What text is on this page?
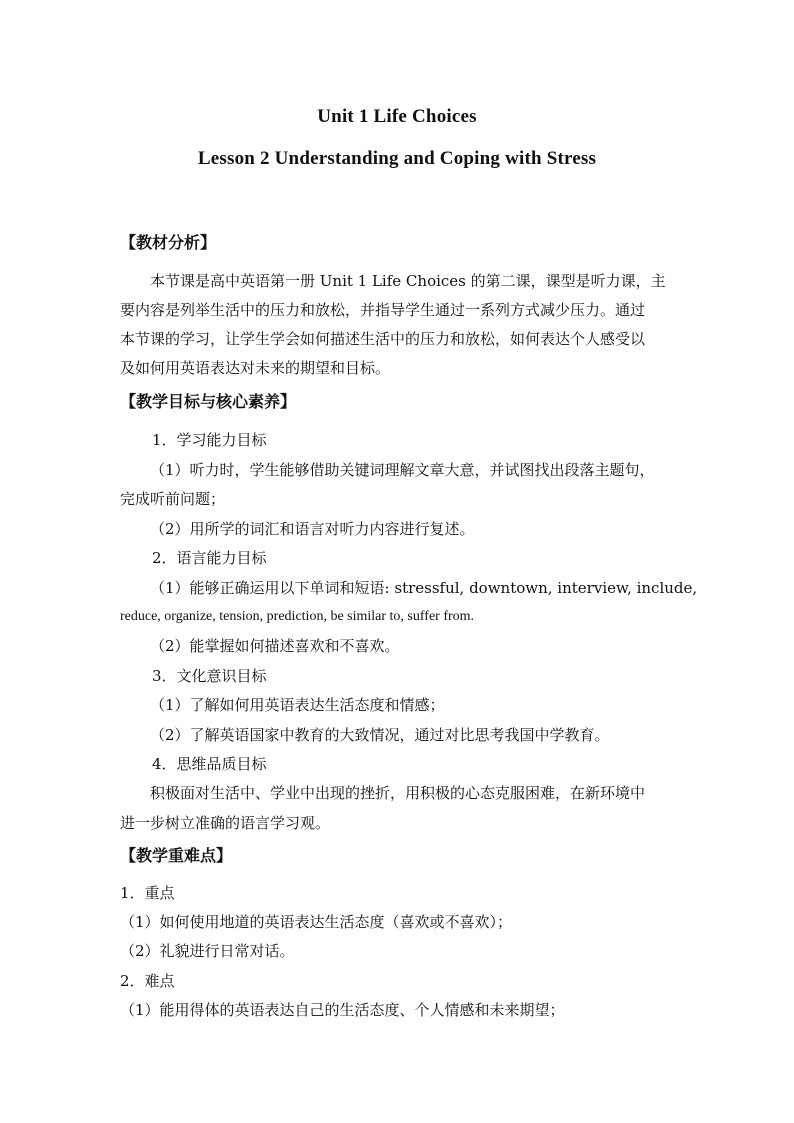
Unit 1 Life Choices
Lesson 2 Understanding and Coping with Stress
【教材分析】
本节课是高中英语第一册 Unit 1 Life Choices 的第二课，课型是听力课，主
要内容是列举生活中的压力和放松，并指导学生通过一系列方式减少压力。通过
本节课的学习，让学生学会如何描述生活中的压力和放松，如何表达个人感受以
及如何用英语表达对未来的期望和目标。
【教学目标与核心素养】
1．学习能力目标
（1）听力时，学生能够借助关键词理解文章大意，并试图找出段落主题句，
完成听前问题；
（2）用所学的词汇和语言对听力内容进行复述。
2．语言能力目标
（1）能够正确运用以下单词和短语: stressful, downtown, interview, include,
reduce, organize, tension, prediction, be similar to, suffer from.
（2）能掌握如何描述喜欢和不喜欢。
3．文化意识目标
（1）了解如何用英语表达生活态度和情感；
（2）了解英语国家中教育的大致情况，通过对比思考我国中学教育。
4．思维品质目标
积极面对生活中、学业中出现的挫折，用积极的心态克服困难，在新环境中
进一步树立准确的语言学习观。
【教学重难点】
1．重点
（1）如何使用地道的英语表达生活态度（喜欢或不喜欢）；
（2）礼貌进行日常对话。
2．难点
（1）能用得体的英语表达自己的生活态度、个人情感和未来期望；
